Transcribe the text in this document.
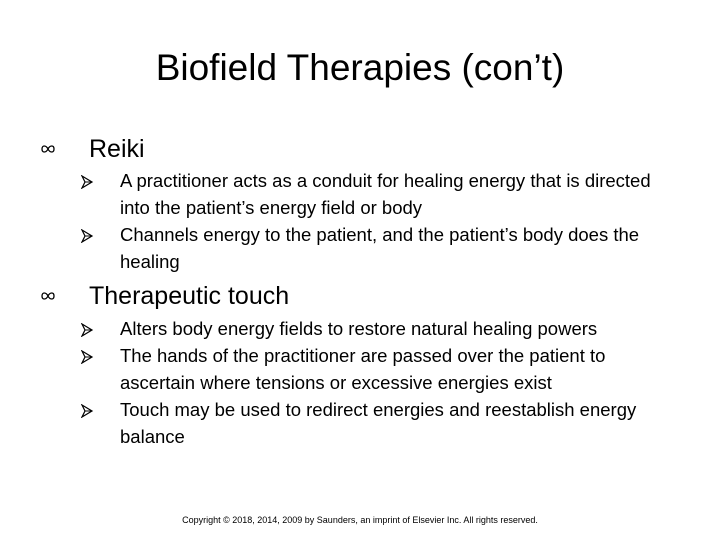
Biofield Therapies (con’t)
Reiki
A practitioner acts as a conduit for healing energy that is directed into the patient’s energy field or body
Channels energy to the patient, and the patient’s body does the healing
Therapeutic touch
Alters body energy fields to restore natural healing powers
The hands of the practitioner are passed over the patient to ascertain where tensions or excessive energies exist
Touch may be used to redirect energies and reestablish energy balance
Copyright © 2018, 2014, 2009 by Saunders, an imprint of Elsevier Inc. All rights reserved.
